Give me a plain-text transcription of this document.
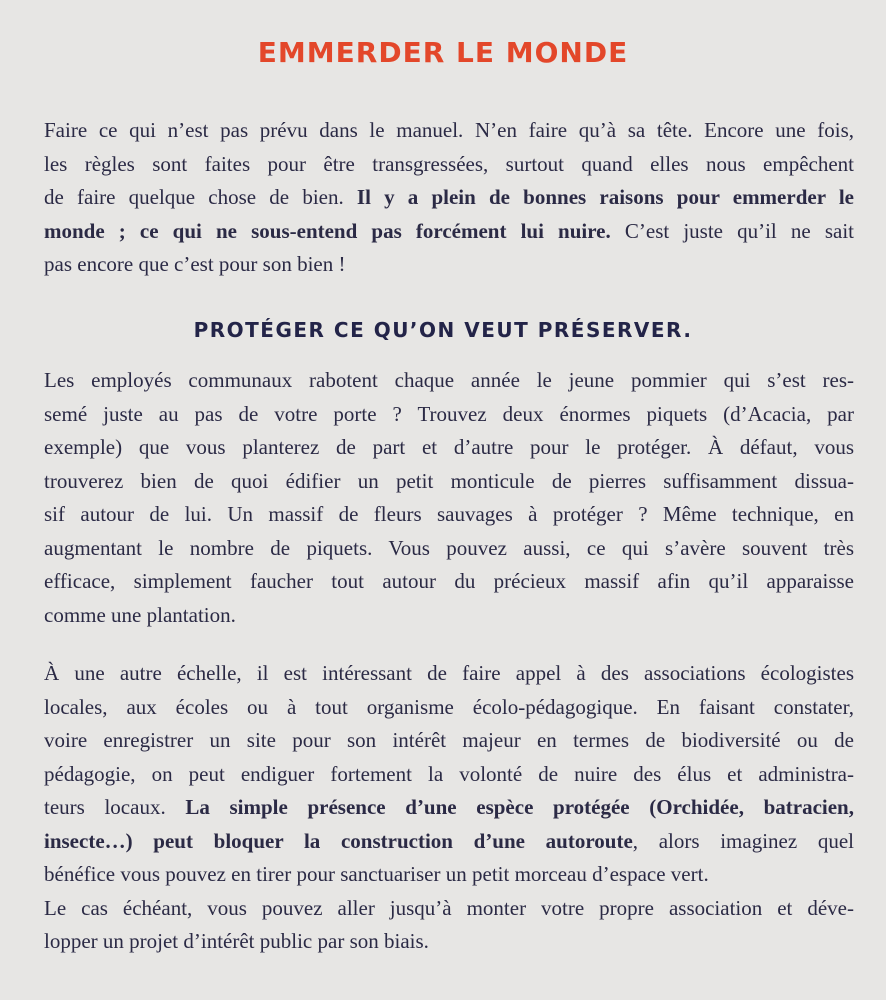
EMMERDER LE MONDE
Faire ce qui n’est pas prévu dans le manuel. N’en faire qu’à sa tête. Encore une fois,
les règles sont faites pour être transgressées, surtout quand elles nous empêchent
de faire quelque chose de bien. Il y a plein de bonnes raisons pour emmerder le
monde ; ce qui ne sous-entend pas forcément lui nuire. C’est juste qu’il ne sait
pas encore que c’est pour son bien !
PROTÉGER CE QU’ON VEUT PRÉSERVER.
Les employés communaux rabotent chaque année le jeune pommier qui s’est res-
semé juste au pas de votre porte ? Trouvez deux énormes piquets (d’Acacia, par
exemple) que vous planterez de part et d’autre pour le protéger. À défaut, vous
trouverez bien de quoi édifier un petit monticule de pierres suffisamment dissua-
sif autour de lui. Un massif de fleurs sauvages à protéger ? Même technique, en
augmentant le nombre de piquets. Vous pouvez aussi, ce qui s’avère souvent très
efficace, simplement faucher tout autour du précieux massif afin qu’il apparaisse
comme une plantation.
À une autre échelle, il est intéressant de faire appel à des associations écologistes
locales, aux écoles ou à tout organisme écolo-pédagogique. En faisant constater,
voire enregistrer un site pour son intérêt majeur en termes de biodiversité ou de
pédagogie, on peut endiguer fortement la volonté de nuire des élus et administra-
teurs locaux. La simple présence d’une espèce protégée (Orchidée, batracien,
insecte…) peut bloquer la construction d’une autoroute, alors imaginez quel
bénéfice vous pouvez en tirer pour sanctuariser un petit morceau d’espace vert.
Le cas échéant, vous pouvez aller jusqu’à monter votre propre association et déve-
lopper un projet d’intérêt public par son biais.
